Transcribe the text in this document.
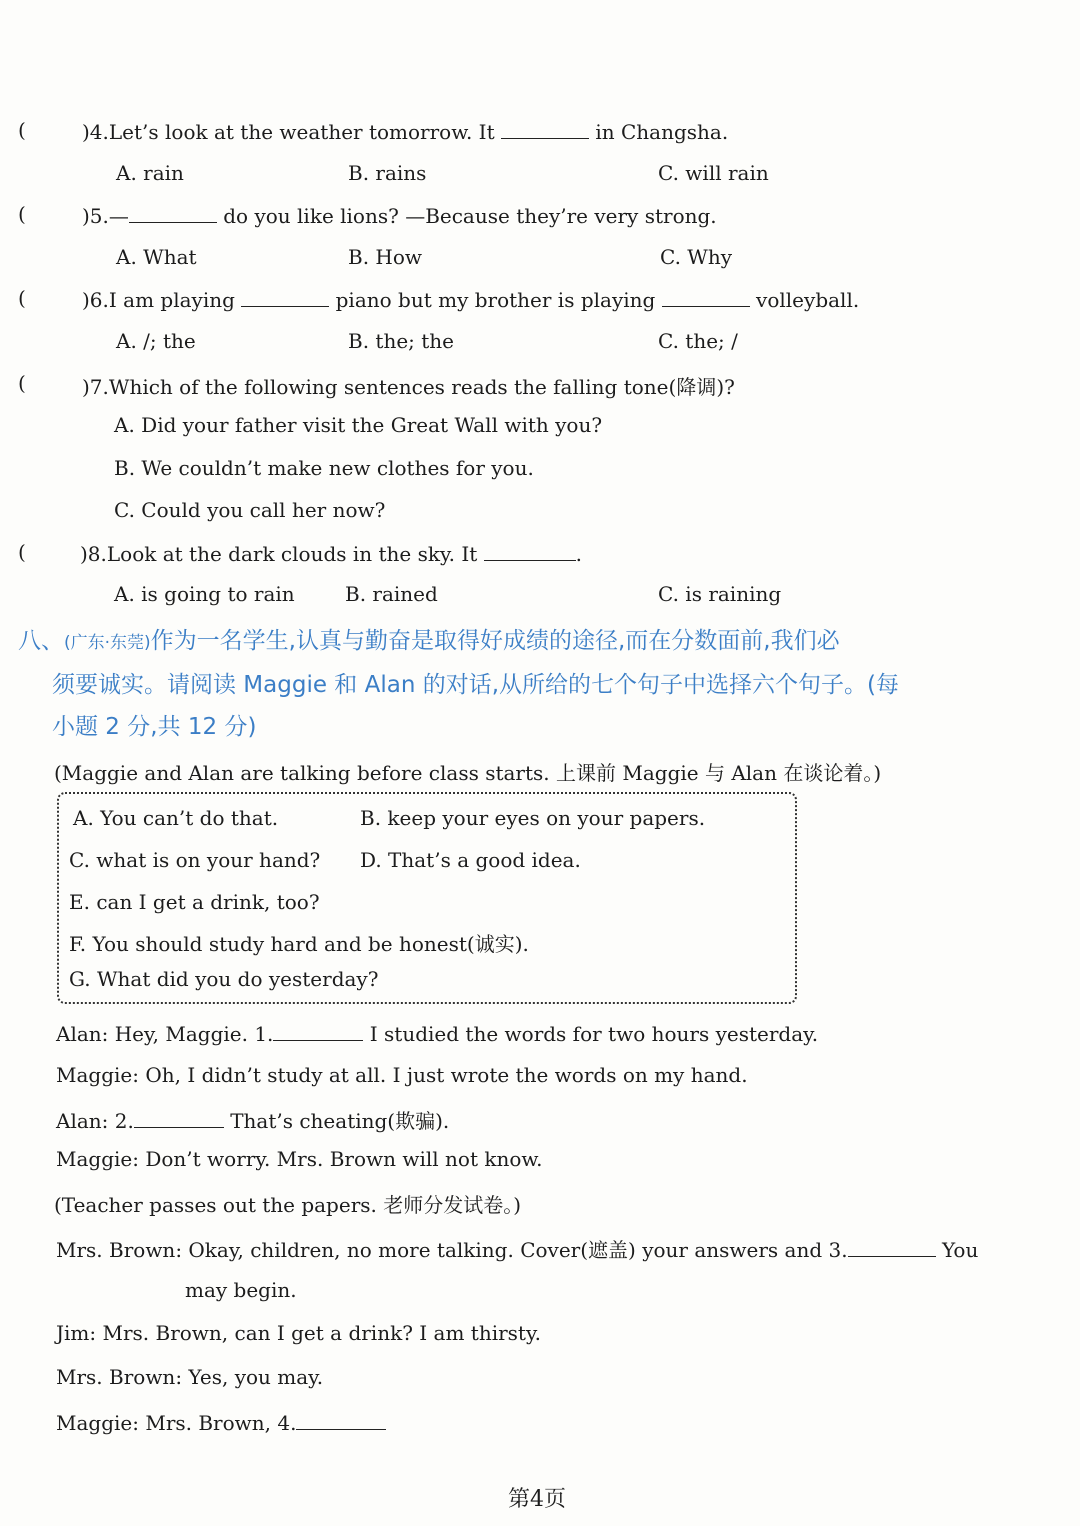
(	)4.Let’s look at the weather tomorrow. It	in Changsha.
A. rain	B. rains	C. will rain
(	)5.—	do you like lions? —Because they’re very strong.
A. What	B. How	C. Why
(	)6.I am playing	piano but my brother is playing	volleyball.
A. /; the	B. the; the	C. the; /
(	)7.Which of the following sentences reads the falling tone(降调)?
A. Did your father visit the Great Wall with you?
B. We couldn’t make new clothes for you.
C. Could you call her now?
(	)8.Look at the dark clouds in the sky. It	.
A. is going to rain	B. rained	C. is raining
八、(广东·东莞)作为一名学生,认真与勤奋是取得好成绩的途径,而在分数面前,我们必
须要诚实。请阅读 Maggie 和 Alan 的对话,从所给的七个句子中选择六个句子。(每
小题 2 分,共 12 分)
(Maggie and Alan are talking before class starts. 上课前 Maggie 与 Alan 在谈论着。)
A. You can’t do that.	B. keep your eyes on your papers.
C. what is on your hand? D. That’s a good idea.
E. can I get a drink, too?
F. You should study hard and be honest(诚实).
G. What did you do yesterday?
Alan: Hey, Maggie. 1.	I studied the words for two hours yesterday.
Maggie: Oh, I didn’t study at all. I just wrote the words on my hand.
Alan: 2.	That’s cheating(欺骗).
Maggie: Don’t worry. Mrs. Brown will not know.
(Teacher passes out the papers. 老师分发试卷。)
Mrs. Brown: Okay, children, no more talking. Cover(遮盖) your answers and 3.	You
may begin.
Jim: Mrs. Brown, can I get a drink? I am thirsty.
Mrs. Brown: Yes, you may.
Maggie: Mrs. Brown, 4.
第4页
